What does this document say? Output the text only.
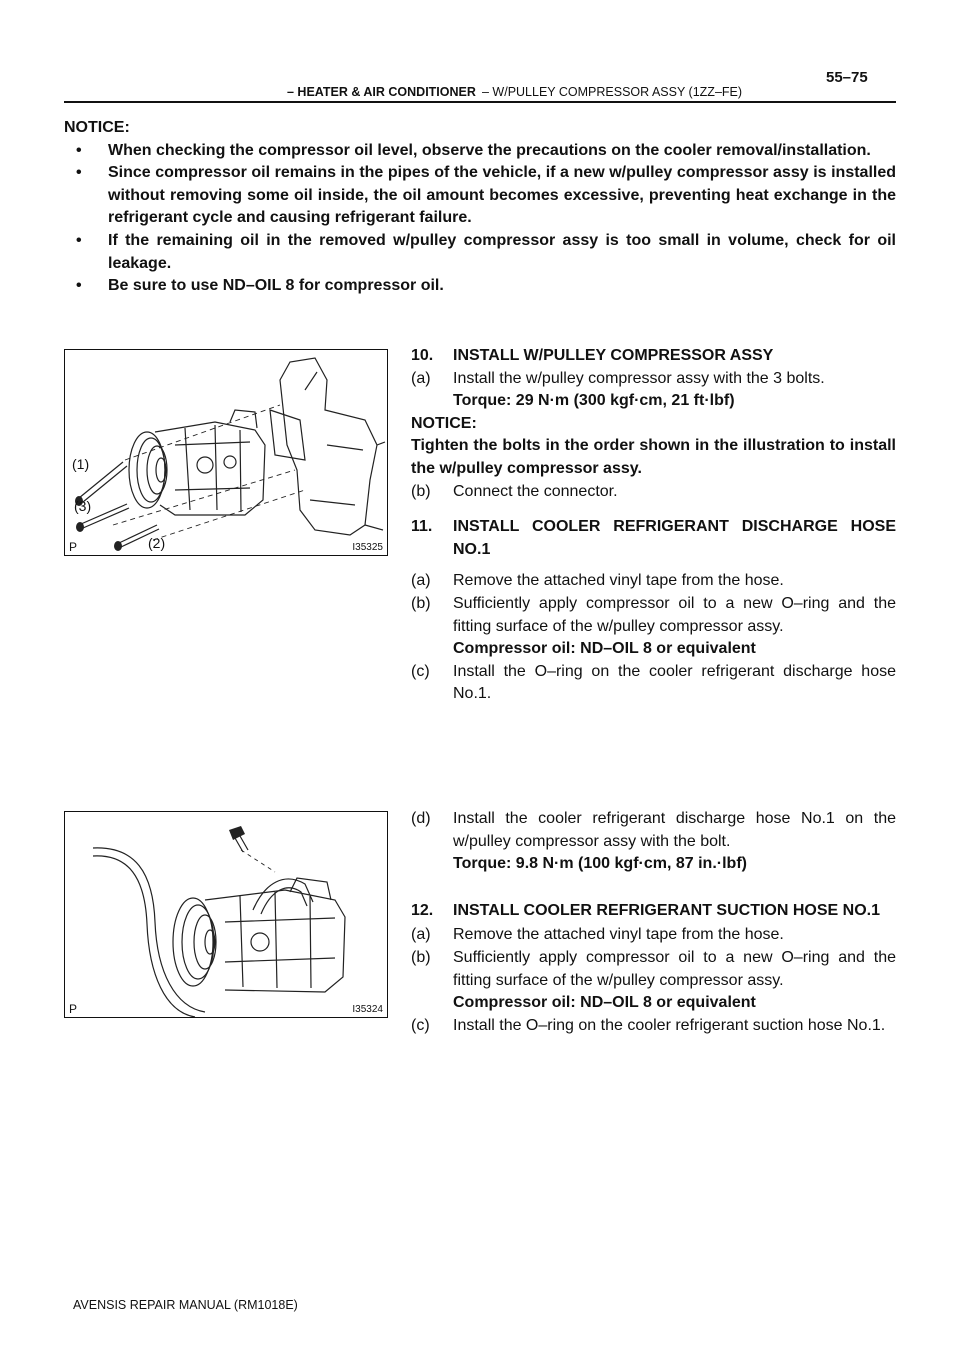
55–75
– HEATER & AIR CONDITIONER – W/PULLEY COMPRESSOR ASSY (1ZZ–FE)

NOTICE:

• When checking the compressor oil level, observe the precautions on the cooler removal/installation.
• Since compressor oil remains in the pipes of the vehicle, if a new w/pulley compressor assy is installed without removing some oil inside, the oil amount becomes excessive, preventing heat exchange in the refrigerant cycle and causing refrigerant failure.
• If the remaining oil in the removed w/pulley compressor assy is too small in volume, check for oil leakage.
• Be sure to use ND–OIL 8 for compressor oil.
(1)
(3)
(2)
P	I35325
P	I35324

10. INSTALL W/PULLEY COMPRESSOR ASSY

(a) Install the w/pulley compressor assy with the 3 bolts.

Torque: 29 N·m (300 kgf·cm, 21 ft·lbf)

NOTICE:

Tighten the bolts in the order shown in the illustration to install the w/pulley compressor assy.

(b) Connect the connector.

11. INSTALL COOLER REFRIGERANT DISCHARGE HOSE NO.1

(a) Remove the attached vinyl tape from the hose.

(b) Sufficiently apply compressor oil to a new O–ring and the fitting surface of the w/pulley compressor assy.

Compressor oil: ND–OIL 8 or equivalent

(c) Install the O–ring on the cooler refrigerant discharge hose No.1.

(d) Install the cooler refrigerant discharge hose No.1 on the w/pulley compressor assy with the bolt.

Torque: 9.8 N·m (100 kgf·cm, 87 in.·lbf)

12. INSTALL COOLER REFRIGERANT SUCTION HOSE NO.1

(a) Remove the attached vinyl tape from the hose.

(b) Sufficiently apply compressor oil to a new O–ring and the fitting surface of the w/pulley compressor assy.

Compressor oil: ND–OIL 8 or equivalent

(c) Install the O–ring on the cooler refrigerant suction hose No.1.

AVENSIS REPAIR MANUAL (RM1018E)
